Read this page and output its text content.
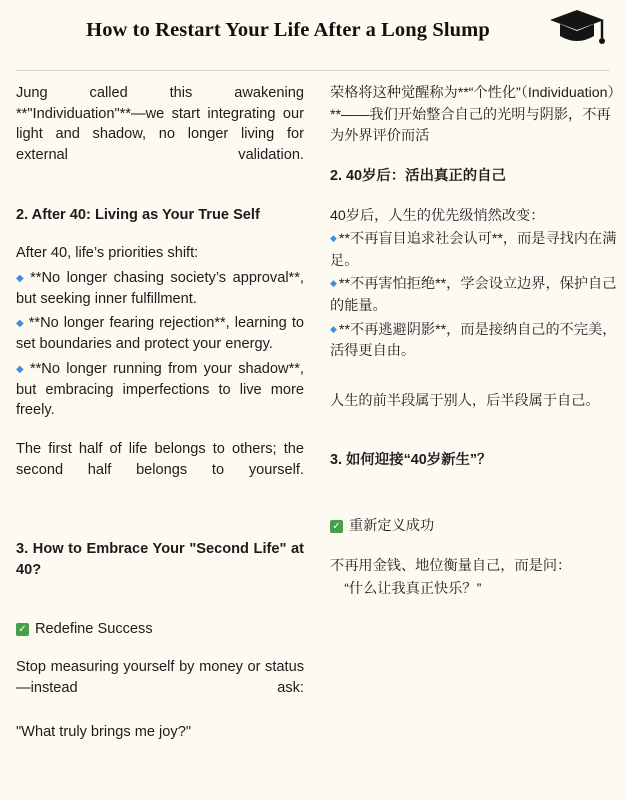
How to Restart Your Life After a Long Slump

Jung called this awakening **"Individuation"**—we start integrating our light and shadow, no longer living for external validation.

2. After 40: Living as Your True Self

After 40, life’s priorities shift:

◆ **No longer chasing society’s approval**, but seeking inner fulfillment.

◆ **No longer fearing rejection**, learning to set boundaries and protect your energy.

◆ **No longer running from your shadow**, but embracing imperfections to live more freely.

The first half of life belongs to others; the second half belongs to yourself.

3. How to Embrace Your "Second Life" at 40?

✓ Redefine Success

Stop measuring yourself by money or status—instead ask:

"What truly brings me joy?"

荣格将这种觉醒称为**“个性化”（Individuation）**——我们开始整合自己的光明与阴影，不再为外界评价而活

2. 40岁后：活出真正的自己

40岁后，人生的优先级悄然改变：

◆ **不再盲目追求社会认可**，而是寻找内在满足。

◆ **不再害怕拒绝**，学会设立边界，保护自己的能量。

◆ **不再逃避阴影**，而是接纳自己的不完美，活得更自由。

人生的前半段属于别人，后半段属于自己。

3. 如何迎接“40岁新生”？

✓ 重新定义成功

不再用金钱、地位衡量自己，而是问：

“什么让我真正快乐？”
